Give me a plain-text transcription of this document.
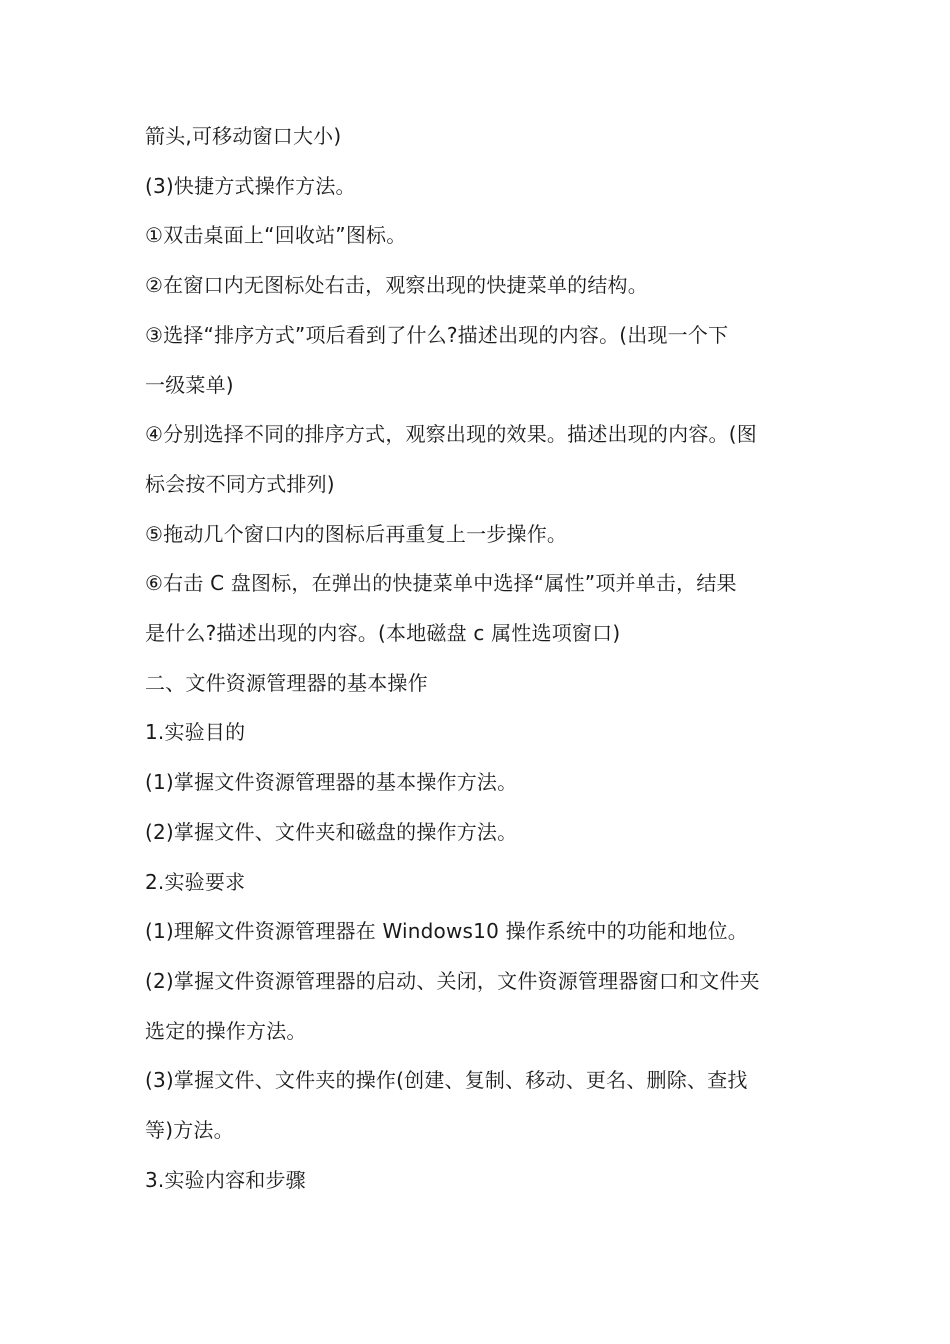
箭头,可移动窗口大小)
(3)快捷方式操作方法。
①双击桌面上“回收站”图标。
②在窗口内无图标处右击，观察出现的快捷菜单的结构。
③选择“排序方式”项后看到了什么?描述出现的内容。(出现一个下
一级菜单)
④分别选择不同的排序方式，观察出现的效果。描述出现的内容。(图
标会按不同方式排列)
⑤拖动几个窗口内的图标后再重复上一步操作。
⑥右击 C 盘图标，在弹出的快捷菜单中选择“属性”项并单击，结果
是什么?描述出现的内容。(本地磁盘 c 属性选项窗口)
二、文件资源管理器的基本操作
1.实验目的
(1)掌握文件资源管理器的基本操作方法。
(2)掌握文件、文件夹和磁盘的操作方法。
2.实验要求
(1)理解文件资源管理器在 Windows10 操作系统中的功能和地位。
(2)掌握文件资源管理器的启动、关闭，文件资源管理器窗口和文件夹
选定的操作方法。
(3)掌握文件、文件夹的操作(创建、复制、移动、更名、删除、查找
等)方法。
3.实验内容和步骤
